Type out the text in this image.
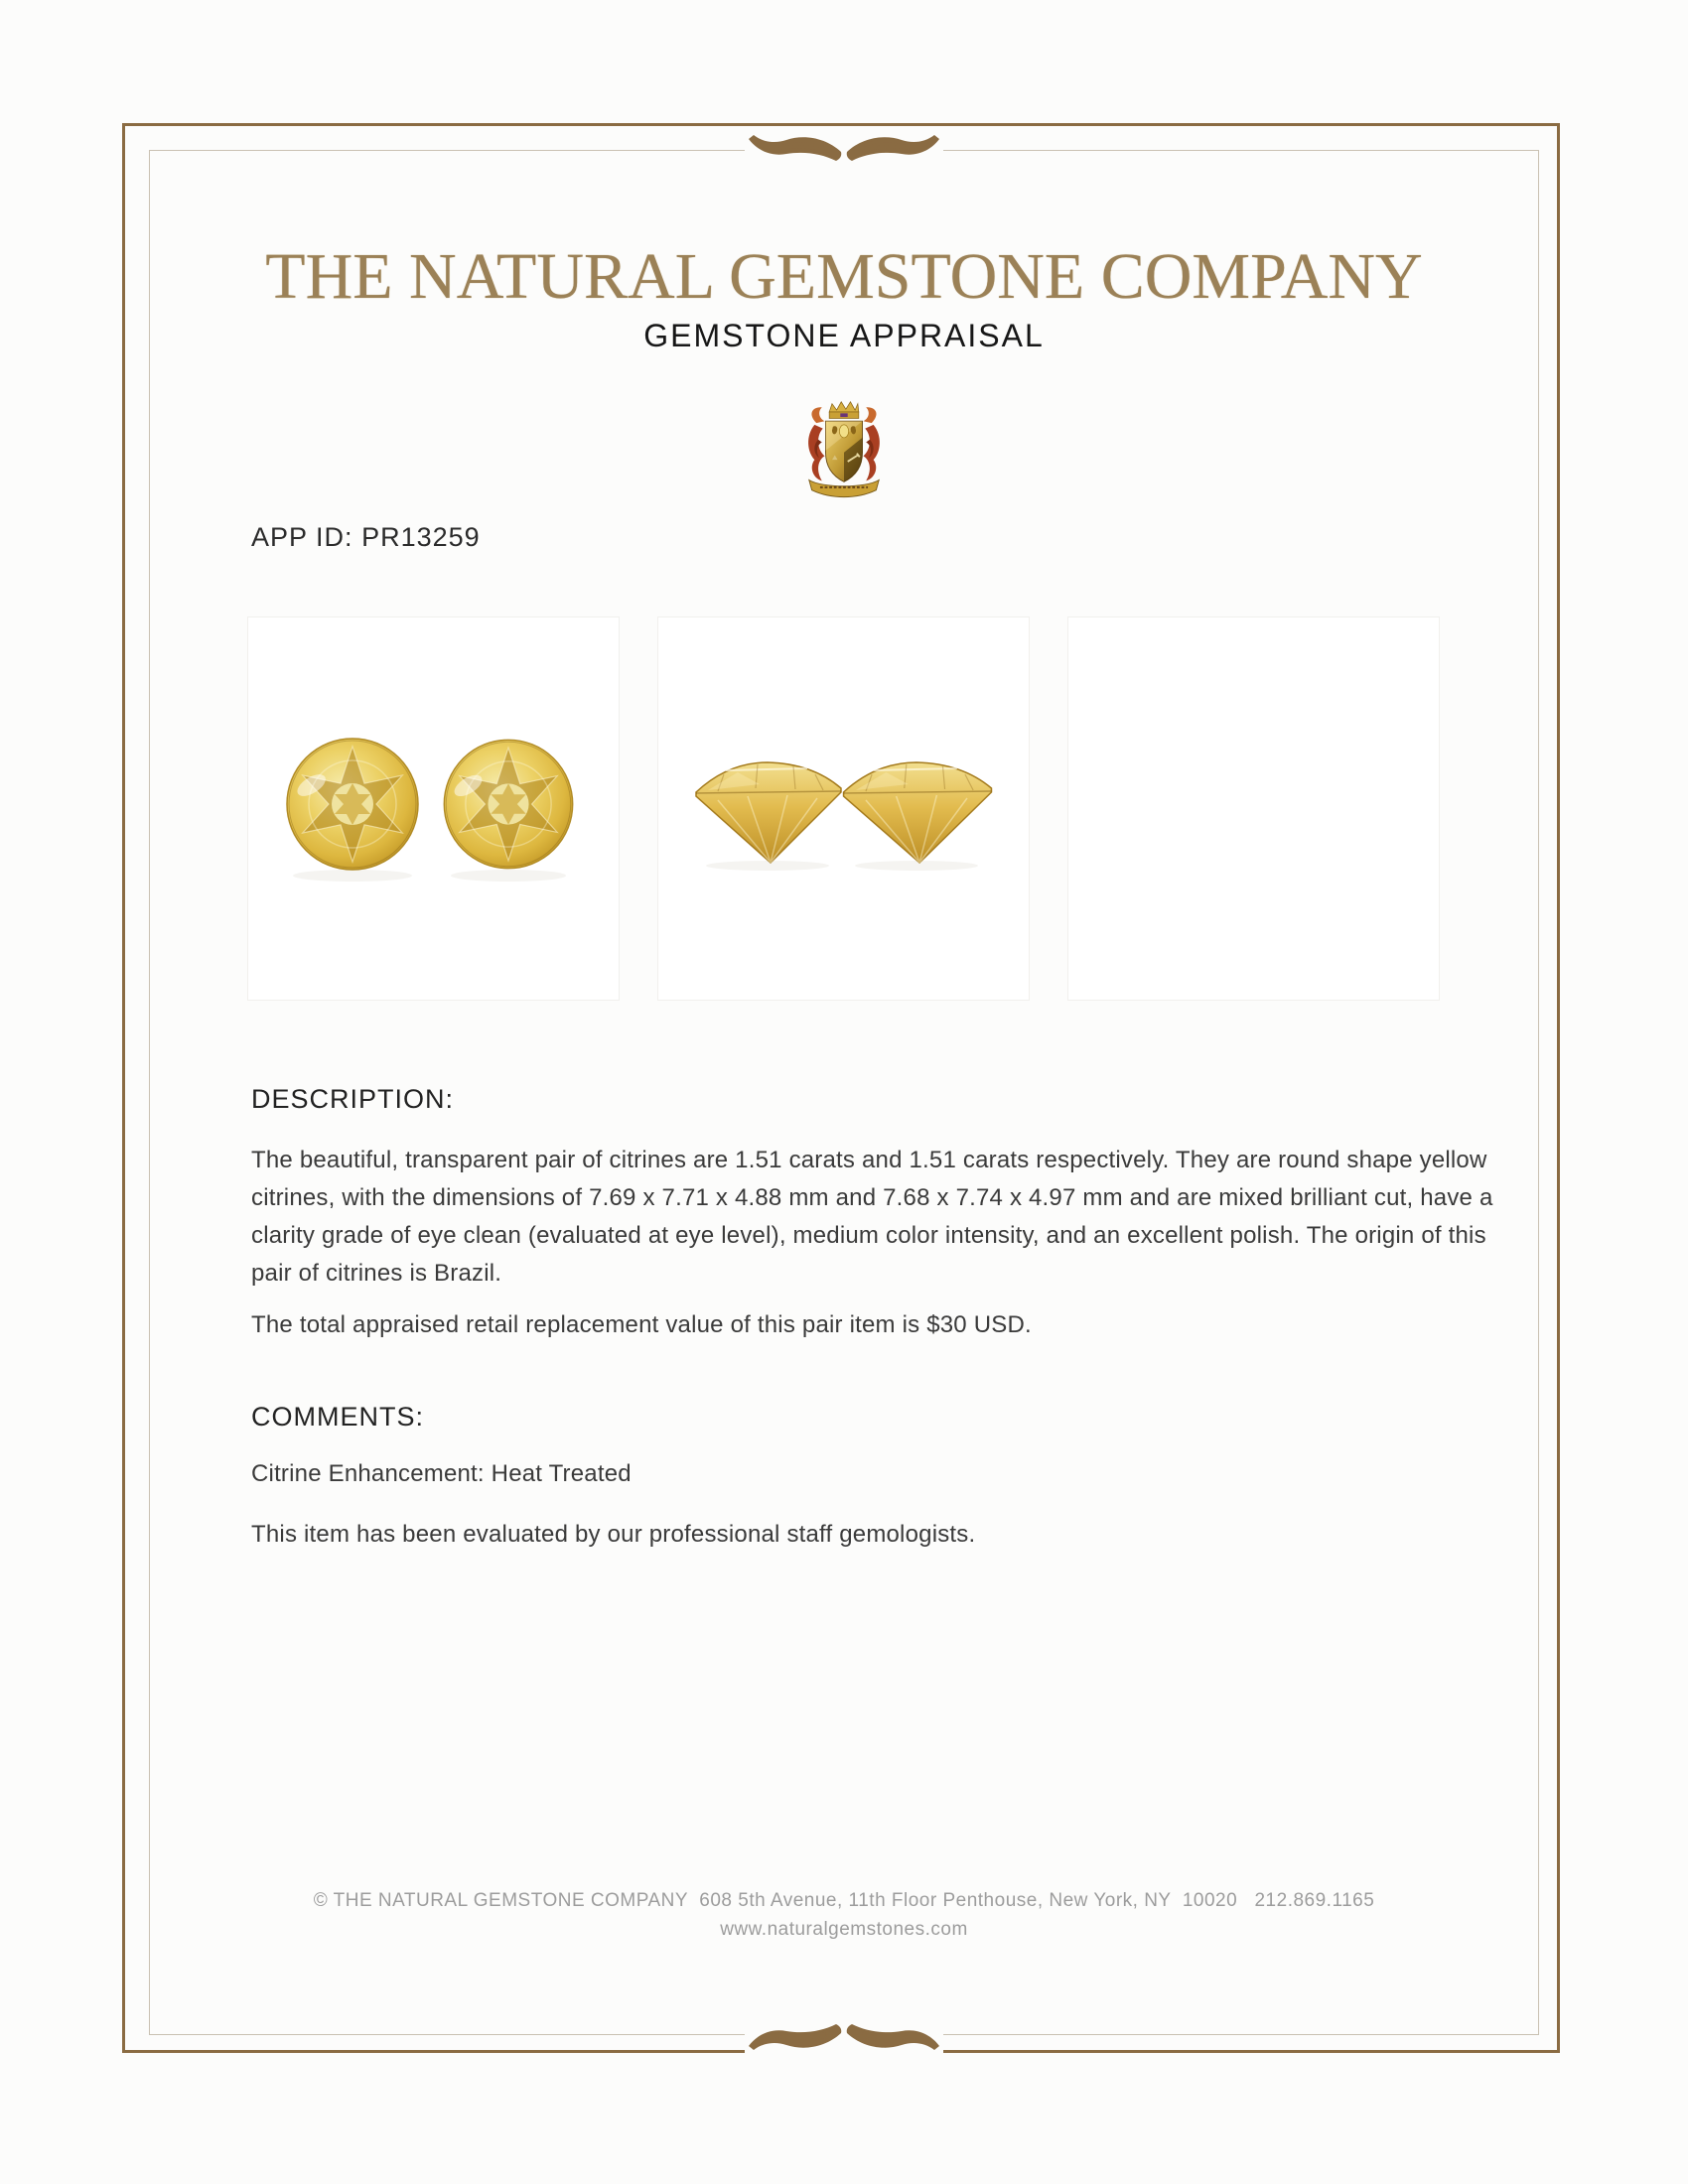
THE NATURAL GEMSTONE COMPANY
GEMSTONE APPRAISAL
APP ID: PR13259
DESCRIPTION:
The beautiful, transparent pair of citrines are 1.51 carats and 1.51 carats respectively. They are round shape yellow citrines, with the dimensions of 7.69 x 7.71 x 4.88 mm and 7.68 x 7.74 x 4.97 mm and are mixed brilliant cut, have a clarity grade of eye clean (evaluated at eye level), medium color intensity, and an excellent polish. The origin of this pair of citrines is Brazil.
The total appraised retail replacement value of this pair item is $30 USD.
COMMENTS:
Citrine Enhancement: Heat Treated
This item has been evaluated by our professional staff gemologists.
© THE NATURAL GEMSTONE COMPANY  608 5th Avenue, 11th Floor Penthouse, New York, NY  10020   212.869.1165
www.naturalgemstones.com
